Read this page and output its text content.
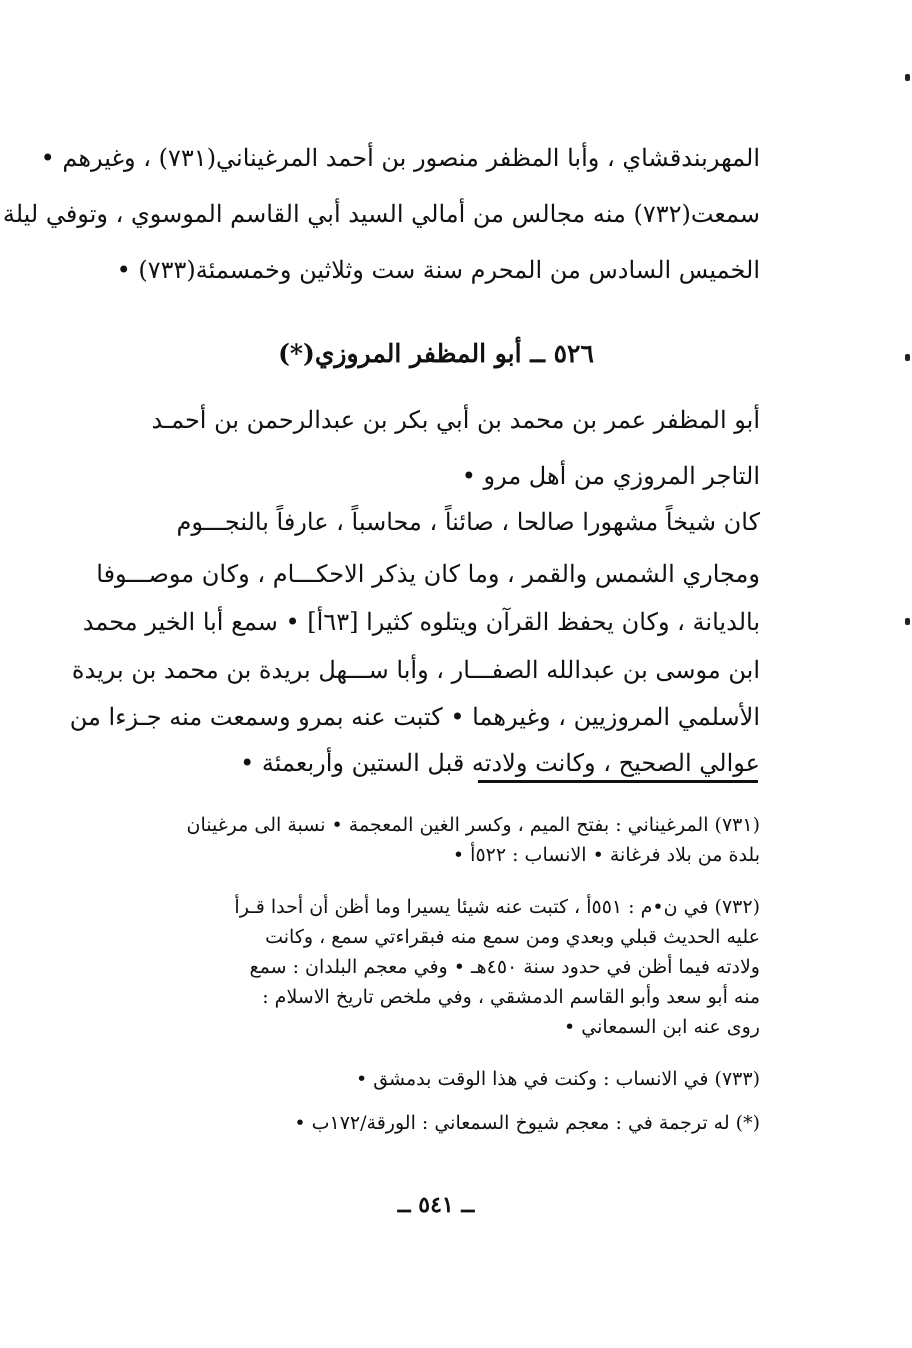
المهربندقشاي ، وأبا المظفر منصور بن أحمد المرغيناني(٧٣١) ، وغيرهم •
سمعت(٧٣٢) منه مجالس من أمالي السيد أبي القاسم الموسوي ، وتوفي ليلة
الخميس السادس من المحرم سنة ست وثلاثين وخمسمئة(٧٣٣) •
٥٢٦ ــ أبو المظفر المروزي(*)
أبو المظفر عمر بن محمد بن أبي بكر بن عبدالرحمن بن أحمـد
التاجر المروزي من أهل مرو •
كان شيخاً مشهورا صالحا ، صائناً ، محاسباً ، عارفاً بالنجـــوم
ومجاري الشمس والقمر ، وما كان يذكر الاحكـــام ، وكان موصـــوفا
بالديانة ، وكان يحفظ القرآن ويتلوه كثيرا [٦٣أ] • سمع أبا الخير محمد
ابن موسى بن عبدالله الصفـــار ، وأبا ســـهل بريدة بن محمد بن بريدة
الأسلمي المروزيين ، وغيرهما • كتبت عنه بمرو وسمعت منه جـزءا من
عوالي الصحيح ، وكانت ولادته قبل الستين وأربعمئة •
(٧٣١) المرغيناني : بفتح الميم ، وكسر الغين المعجمة • نسبة الى مرغينان
بلدة من بلاد فرغانة • الانساب : ٥٢٢أ •
(٧٣٢) في ن•م : ٥٥١أ ، كتبت عنه شيئا يسيرا وما أظن أن أحدا قـرأ
عليه الحديث قبلي وبعدي ومن سمع منه فبقراءتي سمع ، وكانت
ولادته فيما أظن في حدود سنة ٤٥٠هـ • وفي معجم البلدان : سمع
منه أبو سعد وأبو القاسم الدمشقي ، وفي ملخص تاريخ الاسلام :
روى عنه ابن السمعاني •
(٧٣٣) في الانساب : وكنت في هذا الوقت بدمشق •
(*) له ترجمة في : معجم شيوخ السمعاني : الورقة/١٧٢ب •
ــ ٥٤١ ــ
